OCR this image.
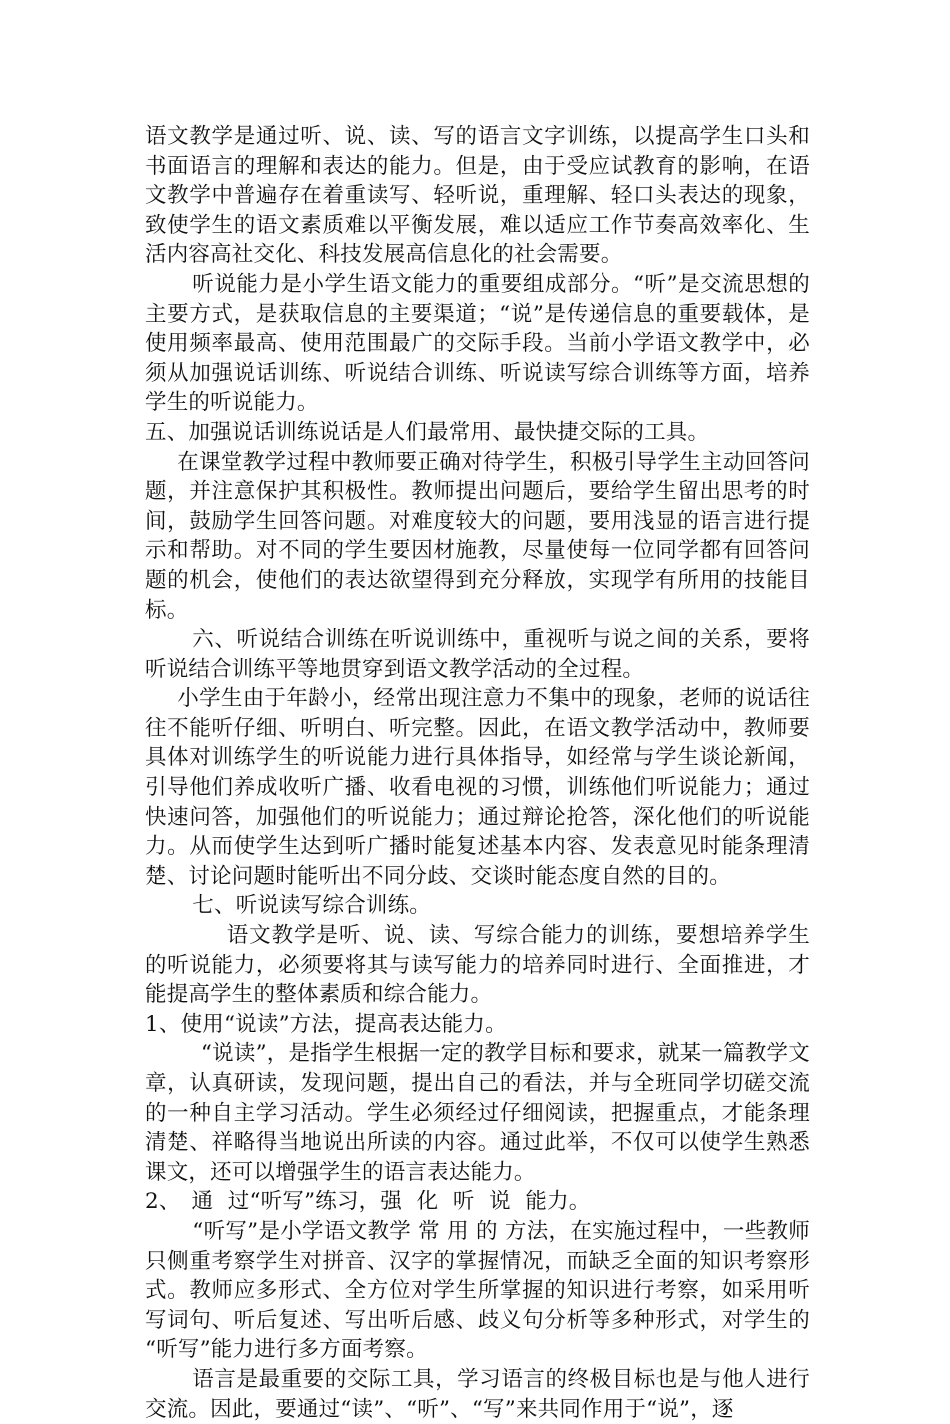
语文教学是通过听、说、读、写的语言文字训练，以提高学生口头和书面语言的理解和表达的能力。但是，由于受应试教育的影响，在语文教学中普遍存在着重读写、轻听说，重理解、轻口头表达的现象，致使学生的语文素质难以平衡发展，难以适应工作节奏高效率化、生活内容高社交化、科技发展高信息化的社会需要。

听说能力是小学生语文能力的重要组成部分。“听”是交流思想的主要方式，是获取信息的主要渠道；“说”是传递信息的重要载体，是使用频率最高、使用范围最广的交际手段。当前小学语文教学中，必须从加强说话训练、听说结合训练、听说读写综合训练等方面，培养学生的听说能力。

五、加强说话训练说话是人们最常用、最快捷交际的工具。

在课堂教学过程中教师要正确对待学生，积极引导学生主动回答问题，并注意保护其积极性。教师提出问题后，要给学生留出思考的时间，鼓励学生回答问题。对难度较大的问题，要用浅显的语言进行提示和帮助。对不同的学生要因材施教，尽量使每一位同学都有回答问题的机会，使他们的表达欲望得到充分释放，实现学有所用的技能目标。

六、听说结合训练在听说训练中，重视听与说之间的关系，要将听说结合训练平等地贯穿到语文教学活动的全过程。

小学生由于年龄小，经常出现注意力不集中的现象，老师的说话往往不能听仔细、听明白、听完整。因此，在语文教学活动中，教师要具体对训练学生的听说能力进行具体指导，如经常与学生谈论新闻，引导他们养成收听广播、收看电视的习惯，训练他们听说能力；通过快速问答，加强他们的听说能力；通过辩论抢答，深化他们的听说能力。从而使学生达到听广播时能复述基本内容、发表意见时能条理清楚、讨论问题时能听出不同分歧、交谈时能态度自然的目的。

七、听说读写综合训练。

语文教学是听、说、读、写综合能力的训练，要想培养学生的听说能力，必须要将其与读写能力的培养同时进行、全面推进，才能提高学生的整体素质和综合能力。

1、使用“说读”方法，提高表达能力。

“说读”，是指学生根据一定的教学目标和要求，就某一篇教学文章，认真研读，发现问题，提出自己的看法，并与全班同学切磋交流的一种自主学习活动。学生必须经过仔细阅读，把握重点，才能条理清楚、祥略得当地说出所读的内容。通过此举，不仅可以使学生熟悉课文，还可以增强学生的语言表达能力。

2、　通 过“听写”练习，强 化 听 说 能力。

“听写”是小学语文教学 常 用 的 方法，在实施过程中，一些教师只侧重考察学生对拼音、汉字的掌握情况，而缺乏全面的知识考察形式。教师应多形式、全方位对学生所掌握的知识进行考察，如采用听写词句、听后复述、写出听后感、歧义句分析等多种形式，对学生的 “听写”能力进行多方面考察。

语言是最重要的交际工具，学习语言的终极目标也是与他人进行交流。因此，要通过“读”、“听”、“写”来共同作用于“说”，逐
